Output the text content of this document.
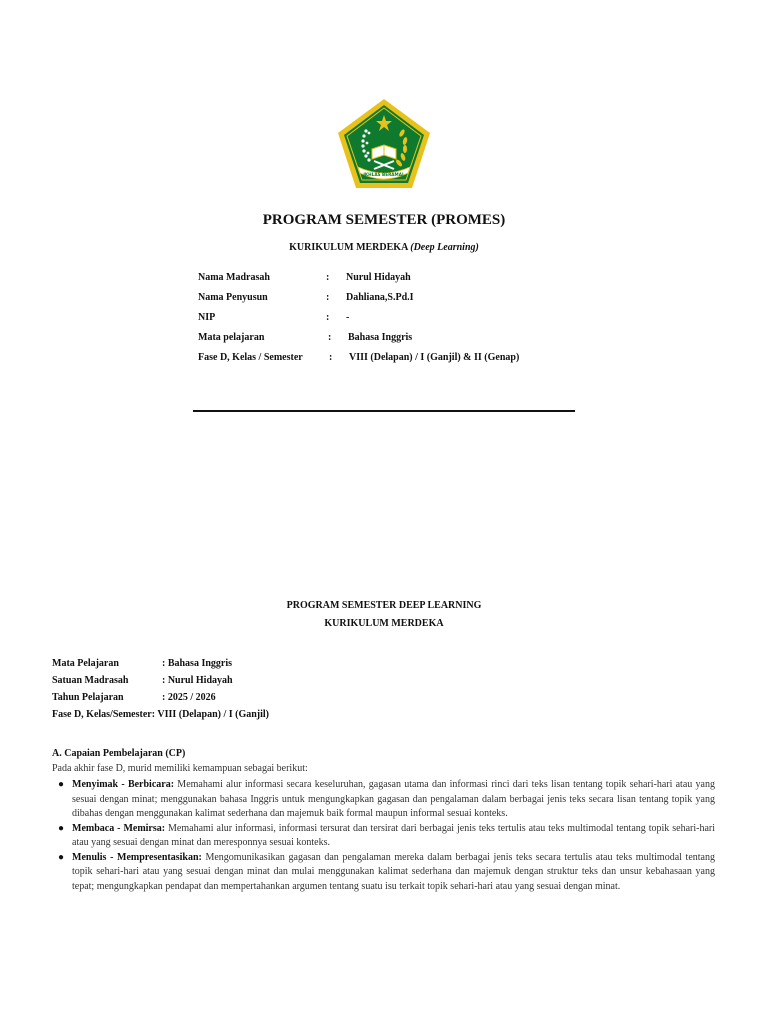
IKHLAS BERAMAL
PROGRAM SEMESTER (PROMES)
KURIKULUM MERDEKA (Deep Learning)
Nama Madrasah	: Nurul Hidayah
Nama Penyusun	: Dahliana,S.Pd.I
NIP	: -
Mata pelajaran	: Bahasa Inggris
Fase D, Kelas / Semester	: VIII (Delapan) / I (Ganjil) & II (Genap)
PROGRAM SEMESTER DEEP LEARNING
KURIKULUM MERDEKA
Mata Pelajaran	: Bahasa Inggris
Satuan Madrasah	: Nurul Hidayah
Tahun Pelajaran	: 2025 / 2026
Fase D, Kelas/Semester: VIII (Delapan) / I (Ganjil)
A. Capaian Pembelajaran (CP)
Pada akhir fase D, murid memiliki kemampuan sebagai berikut:
● Menyimak - Berbicara: Memahami alur informasi secara keseluruhan, gagasan utama dan informasi rinci dari teks lisan tentang topik sehari-hari atau yang sesuai dengan minat; menggunakan bahasa Inggris untuk mengungkapkan gagasan dan pengalaman dalam berbagai jenis teks secara lisan tentang topik yang dibahas dengan menggunakan kalimat sederhana dan majemuk baik formal maupun informal sesuai konteks.
● Membaca - Memirsa: Memahami alur informasi, informasi tersurat dan tersirat dari berbagai jenis teks tertulis atau teks multimodal tentang topik sehari-hari atau yang sesuai dengan minat dan meresponnya sesuai konteks.
● Menulis - Mempresentasikan: Mengomunikasikan gagasan dan pengalaman mereka dalam berbagai jenis teks secara tertulis atau teks multimodal tentang topik sehari-hari atau yang sesuai dengan minat dan mulai menggunakan kalimat sederhana dan majemuk dengan struktur teks dan unsur kebahasaan yang tepat; mengungkapkan pendapat dan mempertahankan argumen tentang suatu isu terkait topik sehari-hari atau yang sesuai dengan minat.
